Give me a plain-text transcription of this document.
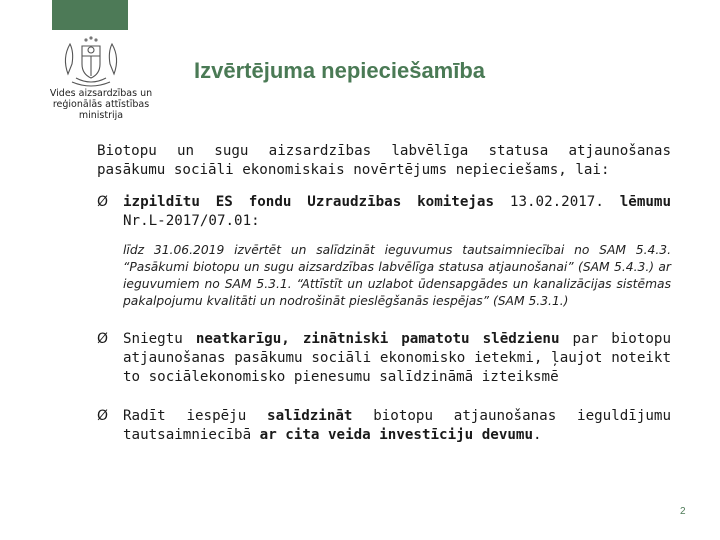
Vides aizsardzības un
reģionālās attīstības
ministrija
Izvērtējuma nepieciešamība

Biotopu un sugu aizsardzības labvēlīga statusa atjaunošanas pasākumu sociāli ekonomiskais novērtējums nepieciešams, lai:

Ø izpildītu ES fondu Uzraudzības komitejas 13.02.2017. lēmumu Nr.L-2017/07.01:

līdz 31.06.2019 izvērtēt un salīdzināt ieguvumus tautsaimniecībai no SAM 5.4.3. “Pasākumi biotopu un sugu aizsardzības labvēlīga statusa atjaunošanai” (SAM 5.4.3.) ar ieguvumiem no SAM 5.3.1. “Attīstīt un uzlabot ūdensapgādes un kanalizācijas sistēmas pakalpojumu kvalitāti un nodrošināt pieslēgšanās iespējas” (SAM 5.3.1.)

Ø Sniegtu neatkarīgu, zinātniski pamatotu slēdzienu par biotopu atjaunošanas pasākumu sociāli ekonomisko ietekmi, ļaujot noteikt to sociālekonomisko pienesumu salīdzināmā izteiksmē
Ø Radīt iespēju salīdzināt biotopu atjaunošanas ieguldījumu tautsaimniecībā ar cita veida investīciju devumu.
2
